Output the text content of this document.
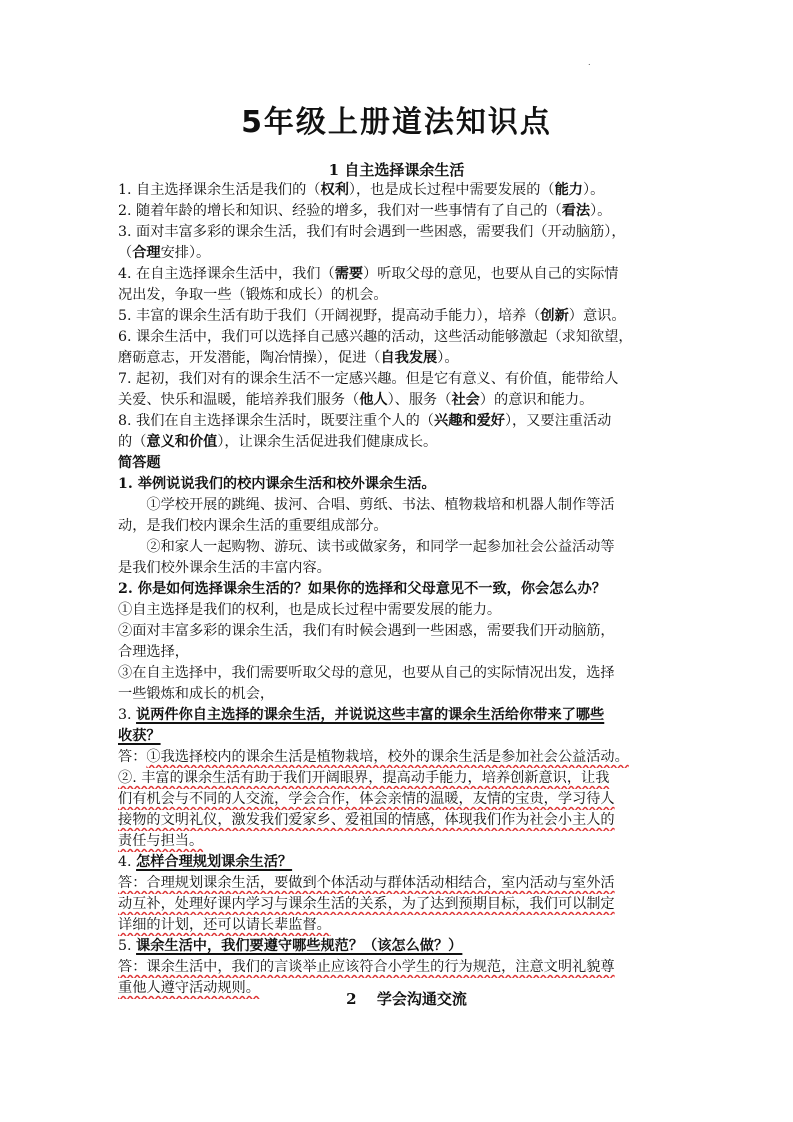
.
5年级上册道法知识点
1 自主选择课余生活
1. 自主选择课余生活是我们的（权利），也是成长过程中需要发展的（能力）。
2. 随着年龄的增长和知识、经验的增多，我们对一些事情有了自己的（看法）。
3. 面对丰富多彩的课余生活，我们有时会遇到一些困惑，需要我们（开动脑筋），
（合理安排）。
4. 在自主选择课余生活中，我们（需要）听取父母的意见，也要从自己的实际情
况出发，争取一些（锻炼和成长）的机会。
5. 丰富的课余生活有助于我们（开阔视野，提高动手能力），培养（创新）意识。
6. 课余生活中，我们可以选择自己感兴趣的活动，这些活动能够激起（求知欲望，
磨砺意志，开发潜能，陶冶情操），促进（自我发展）。
7. 起初，我们对有的课余生活不一定感兴趣。但是它有意义、有价值，能带给人
关爱、快乐和温暖，能培养我们服务（他人）、服务（社会）的意识和能力。
8. 我们在自主选择课余生活时，既要注重个人的（兴趣和爱好），又要注重活动
的（意义和价值），让课余生活促进我们健康成长。
简答题
1. 举例说说我们的校内课余生活和校外课余生活。
　　①学校开展的跳绳、拔河、合唱、剪纸、书法、植物栽培和机器人制作等活
动，是我们校内课余生活的重要组成部分。
　　②和家人一起购物、游玩、读书或做家务，和同学一起参加社会公益活动等
是我们校外课余生活的丰富内容。
2. 你是如何选择课余生活的？如果你的选择和父母意见不一致，你会怎么办？
①自主选择是我们的权利，也是成长过程中需要发展的能力。
②面对丰富多彩的课余生活，我们有时候会遇到一些困惑，需要我们开动脑筋，
合理选择，
③在自主选择中，我们需要听取父母的意见，也要从自己的实际情况出发，选择
一些锻炼和成长的机会，
3. 说两件你自主选择的课余生活，并说说这些丰富的课余生活给你带来了哪些
收获？
答：①我选择校内的课余生活是植物栽培，校外的课余生活是参加社会公益活动。
②. 丰富的课余生活有助于我们开阔眼界，提高动手能力，培养创新意识，让我
们有机会与不同的人交流，学会合作，体会亲情的温暖，友情的宝贵，学习待人
接物的文明礼仪，激发我们爱家乡、爱祖国的情感，体现我们作为社会小主人的
责任与担当。
4. 怎样合理规划课余生活？
答：合理规划课余生活，要做到个体活动与群体活动相结合，室内活动与室外活
动互补，处理好课内学习与课余生活的关系，为了达到预期目标，我们可以制定
详细的计划，还可以请长辈监督。
5. 课余生活中，我们要遵守哪些规范？（该怎么做？）
答：课余生活中，我们的言谈举止应该符合小学生的行为规范，注意文明礼貌尊
重他人遵守活动规则。
2　 学会沟通交流
